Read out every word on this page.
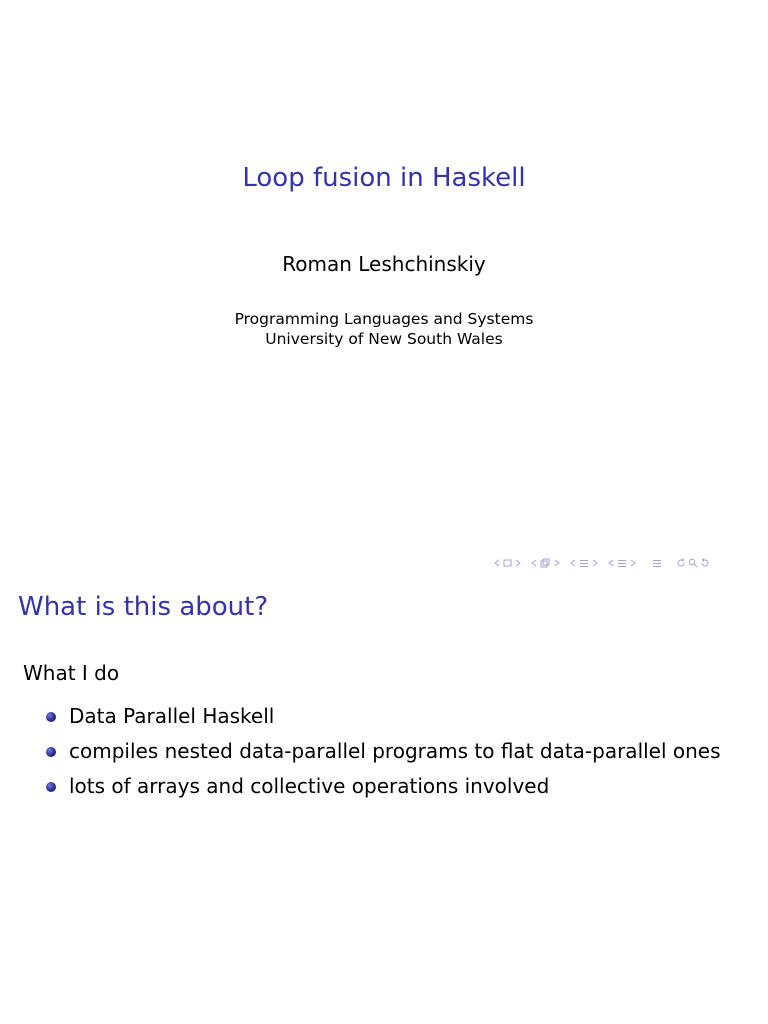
Loop fusion in Haskell
Roman Leshchinskiy
Programming Languages and Systems
University of New South Wales
What is this about?
What I do
Data Parallel Haskell
compiles nested data-parallel programs to flat data-parallel ones
lots of arrays and collective operations involved
